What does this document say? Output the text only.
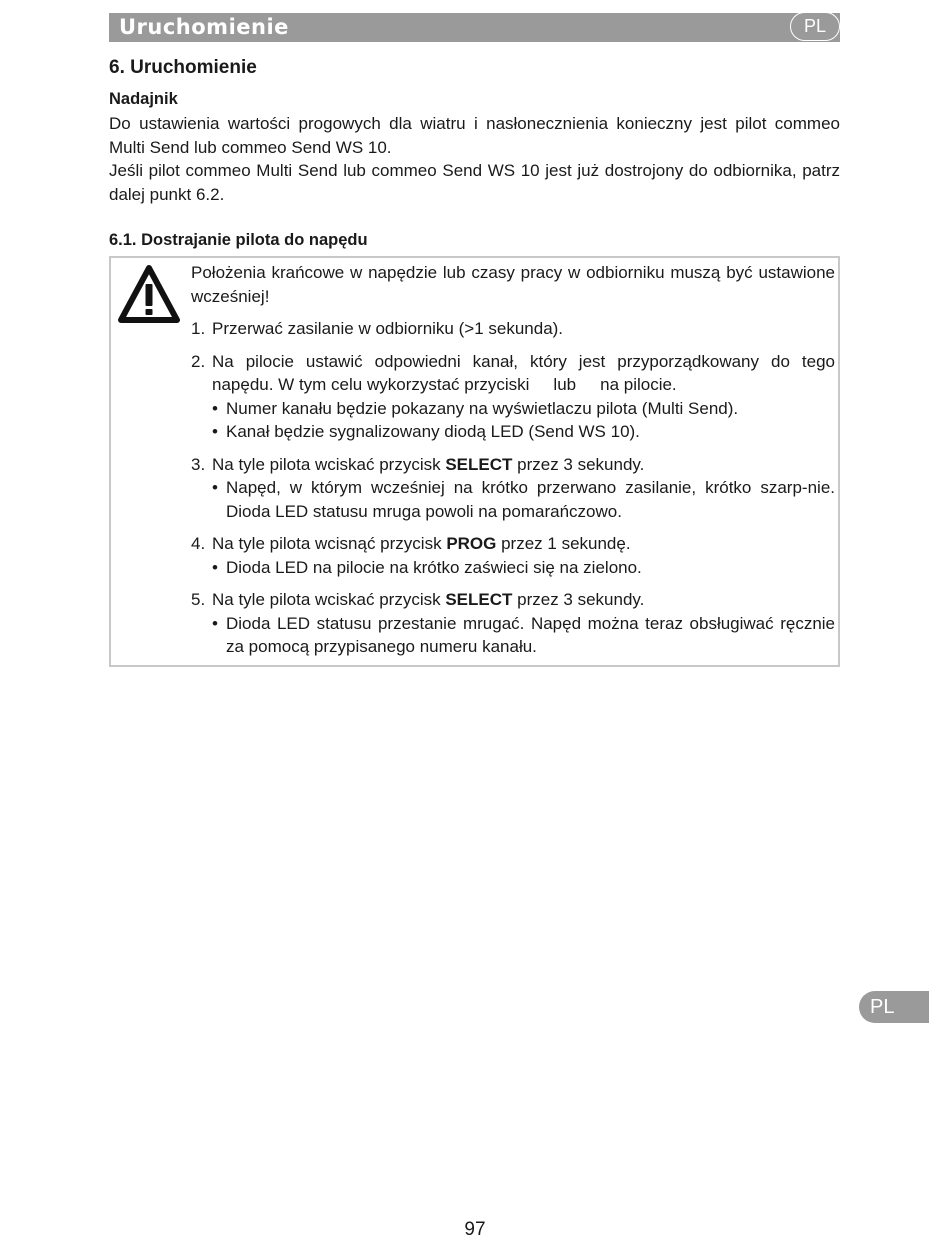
Uruchomienie	PL
6. Uruchomienie
Nadajnik
Do ustawienia wartości progowych dla wiatru i nasłonecznienia konieczny jest pilot commeo Multi Send lub commeo Send WS 10.
Jeśli pilot commeo Multi Send lub commeo Send WS 10 jest już dostrojony do odbiornika, patrz dalej punkt 6.2.
6.1. Dostrajanie pilota do napędu
Położenia krańcowe w napędzie lub czasy pracy w odbiorniku muszą być ustawione wcześniej!
1. Przerwać zasilanie w odbiorniku (>1 sekunda).
2. Na pilocie ustawić odpowiedni kanał, który jest przyporządkowany do tego napędu. W tym celu wykorzystać przyciski lub na pilocie.
• Numer kanału będzie pokazany na wyświetlaczu pilota (Multi Send).
• Kanał będzie sygnalizowany diodą LED (Send WS 10).
3. Na tyle pilota wciskać przycisk SELECT przez 3 sekundy.
• Napęd, w którym wcześniej na krótko przerwano zasilanie, krótko szarp-nie. Dioda LED statusu mruga powoli na pomarańczowo.
4. Na tyle pilota wcisnąć przycisk PROG przez 1 sekundę.
• Dioda LED na pilocie na krótko zaświeci się na zielono.
5. Na tyle pilota wciskać przycisk SELECT przez 3 sekundy.
• Dioda LED statusu przestanie mrugać. Napęd można teraz obsługiwać ręcznie za pomocą przypisanego numeru kanału.
PL
97
